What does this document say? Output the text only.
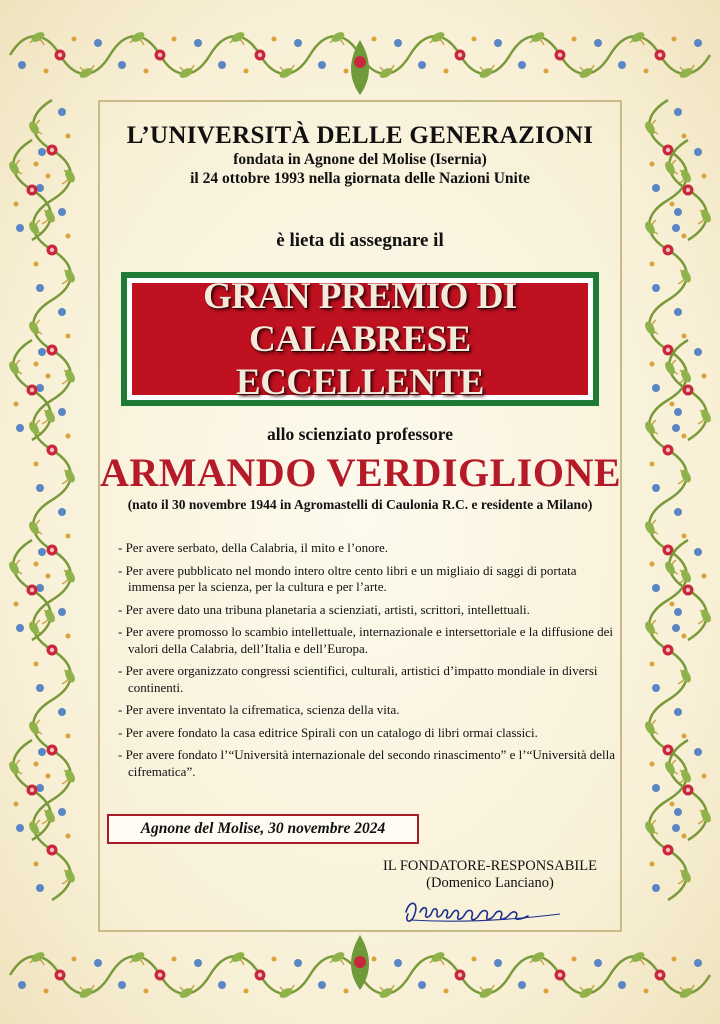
L’UNIVERSITÀ DELLE GENERAZIONI
fondata in Agnone del Molise (Isernia)
il 24 ottobre 1993 nella giornata delle Nazioni Unite
è lieta di assegnare il
GRAN PREMIO DI
CALABRESE ECCELLENTE
allo scienziato professore
ARMANDO VERDIGLIONE
(nato il 30 novembre 1944 in Agromastelli di Caulonia R.C. e residente a Milano)
- Per avere serbato, della Calabria, il mito e l’onore.
- Per avere pubblicato nel mondo intero oltre cento libri e un migliaio di saggi di portata immensa per la scienza, per la cultura e per l’arte.
- Per avere dato una tribuna planetaria a scienziati, artisti, scrittori, intellettuali.
- Per avere promosso lo scambio intellettuale, internazionale e intersettoriale e la diffusione dei valori della Calabria, dell’Italia e dell’Europa.
- Per avere organizzato congressi scientifici, culturali, artistici d’impatto mondiale in diversi continenti.
- Per avere inventato la cifrematica, scienza della vita.
- Per avere fondato la casa editrice Spirali con un catalogo di libri ormai classici.
- Per avere fondato l’“Università internazionale del secondo rinascimento” e l’“Università della cifrematica”.
Agnone del Molise, 30 novembre 2024
IL FONDATORE-RESPONSABILE
(Domenico Lanciano)
